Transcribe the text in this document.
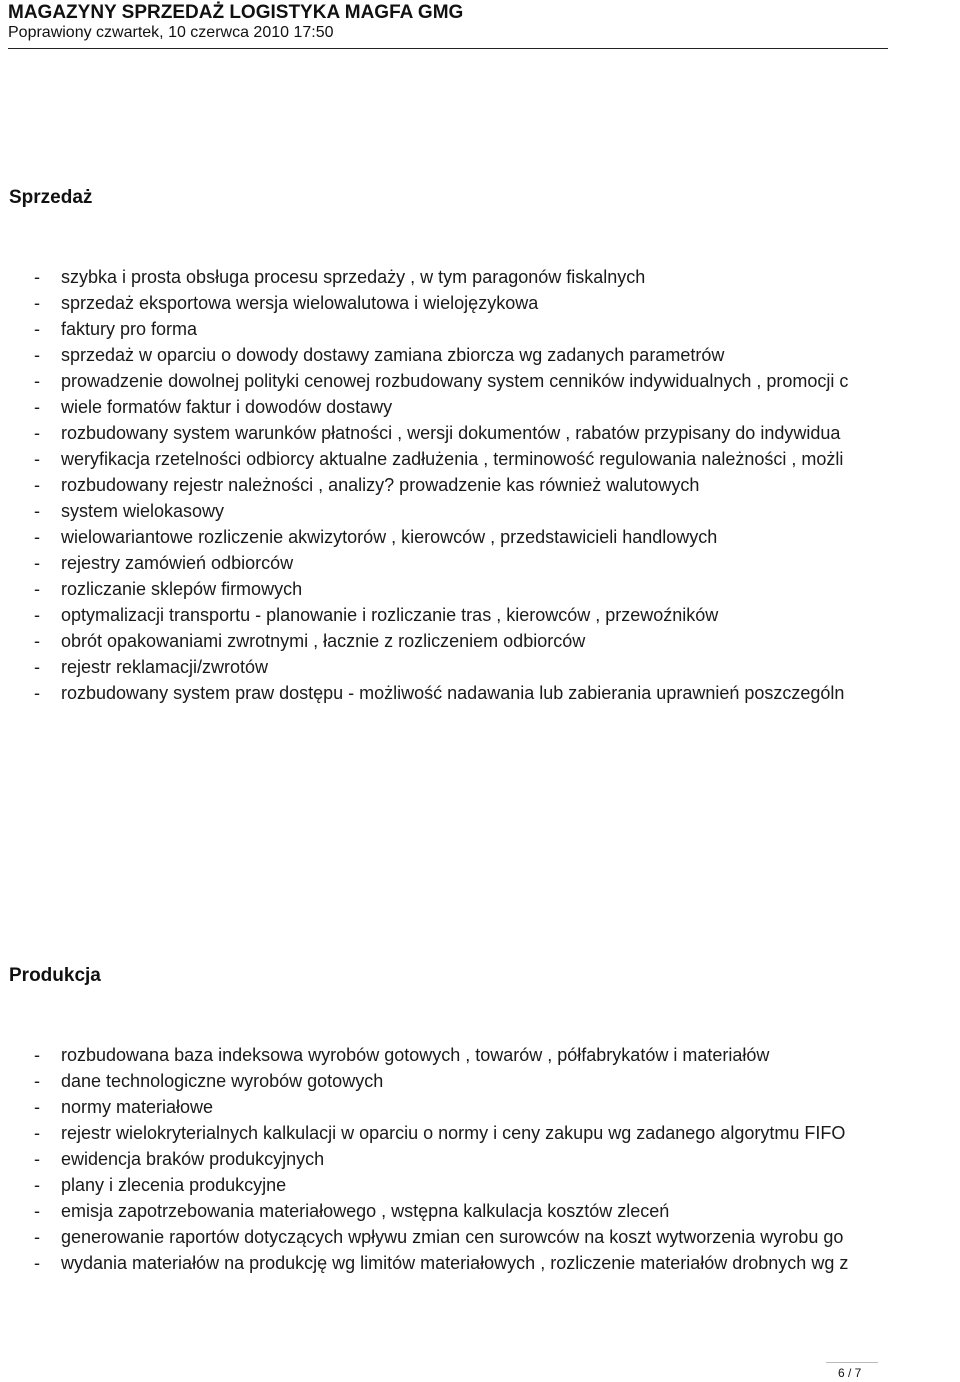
MAGAZYNY SPRZEDAŻ LOGISTYKA MAGFA GMG
Poprawiony czwartek, 10 czerwca 2010 17:50
Sprzedaż
- szybka i prosta obsługa procesu sprzedaży , w tym paragonów fiskalnych
- sprzedaż eksportowa wersja wielowalutowa i wielojęzykowa
- faktury pro forma
- sprzedaż w oparciu o dowody dostawy zamiana zbiorcza wg zadanych parametrów
- prowadzenie dowolnej polityki cenowej rozbudowany system cenników indywidualnych , promocji c
- wiele formatów faktur i dowodów dostawy
- rozbudowany system warunków płatności , wersji dokumentów , rabatów przypisany do indywidua
- weryfikacja rzetelności odbiorcy aktualne zadłużenia , terminowość regulowania należności , możli
- rozbudowany rejestr należności , analizy? prowadzenie kas również walutowych
- system wielokasowy
- wielowariantowe rozliczenie akwizytorów , kierowców , przedstawicieli handlowych
- rejestry zamówień odbiorców
- rozliczanie sklepów firmowych
- optymalizacji transportu - planowanie i rozliczanie tras , kierowców , przewoźników
- obrót opakowaniami zwrotnymi , łacznie z rozliczeniem odbiorców
- rejestr reklamacji/zwrotów
- rozbudowany system praw dostępu - możliwość nadawania lub zabierania uprawnień poszczególn
Produkcja
- rozbudowana baza indeksowa wyrobów gotowych , towarów , półfabrykatów i materiałów
- dane technologiczne wyrobów gotowych
- normy materiałowe
- rejestr wielokryterialnych kalkulacji w oparciu o normy i ceny zakupu wg zadanego algorytmu FIFO
- ewidencja braków produkcyjnych
- plany i zlecenia produkcyjne
- emisja zapotrzebowania materiałowego , wstępna kalkulacja kosztów zleceń
- generowanie raportów dotyczących wpływu zmian cen surowców na koszt wytworzenia wyrobu go
- wydania materiałów na produkcję wg limitów materiałowych , rozliczenie materiałów drobnych wg z
6 / 7
